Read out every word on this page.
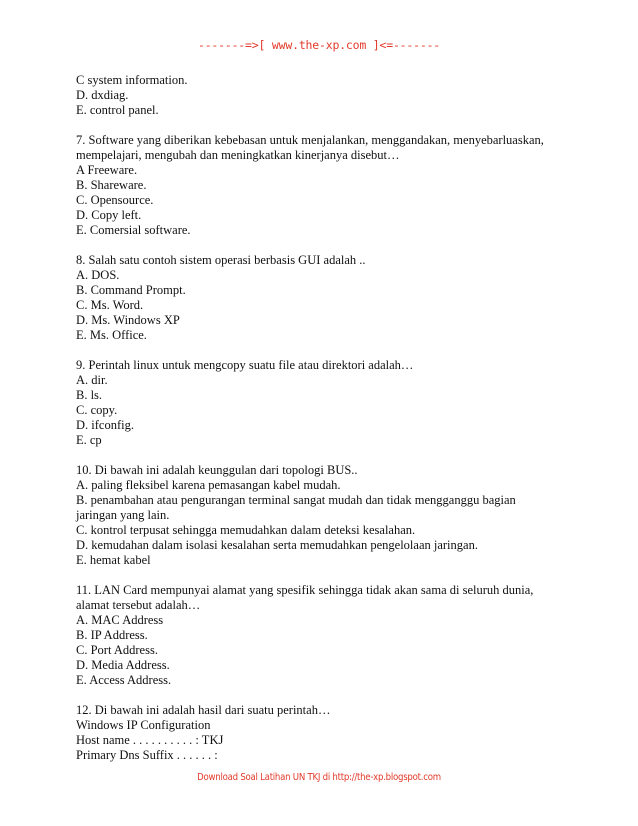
-------=>[ www.the-xp.com ]<=-------
C system information.
D. dxdiag.
E. control panel.
7. Software yang diberikan kebebasan untuk menjalankan, menggandakan, menyebarluaskan,
mempelajari, mengubah dan meningkatkan kinerjanya disebut…
A Freeware.
B. Shareware.
C. Opensource.
D. Copy left.
E. Comersial software.
8. Salah satu contoh sistem operasi berbasis GUI adalah ..
A. DOS.
B. Command Prompt.
C. Ms. Word.
D. Ms. Windows XP
E. Ms. Office.
9. Perintah linux untuk mengcopy suatu file atau direktori adalah…
A. dir.
B. ls.
C. copy.
D. ifconfig.
E. cp
10. Di bawah ini adalah keunggulan dari topologi BUS..
A. paling fleksibel karena pemasangan kabel mudah.
B. penambahan atau pengurangan terminal sangat mudah dan tidak mengganggu bagian
jaringan yang lain.
C. kontrol terpusat sehingga memudahkan dalam deteksi kesalahan.
D. kemudahan dalam isolasi kesalahan serta memudahkan pengelolaan jaringan.
E. hemat kabel
11. LAN Card mempunyai alamat yang spesifik sehingga tidak akan sama di seluruh dunia,
alamat tersebut adalah…
A. MAC Address
B. IP Address.
C. Port Address.
D. Media Address.
E. Access Address.
12. Di bawah ini adalah hasil dari suatu perintah…
Windows IP Configuration
Host name . . . . . . . . . . : TKJ
Primary Dns Suffix . . . . . . :
Download Soal Latihan UN TKJ di http://the-xp.blogspot.com
